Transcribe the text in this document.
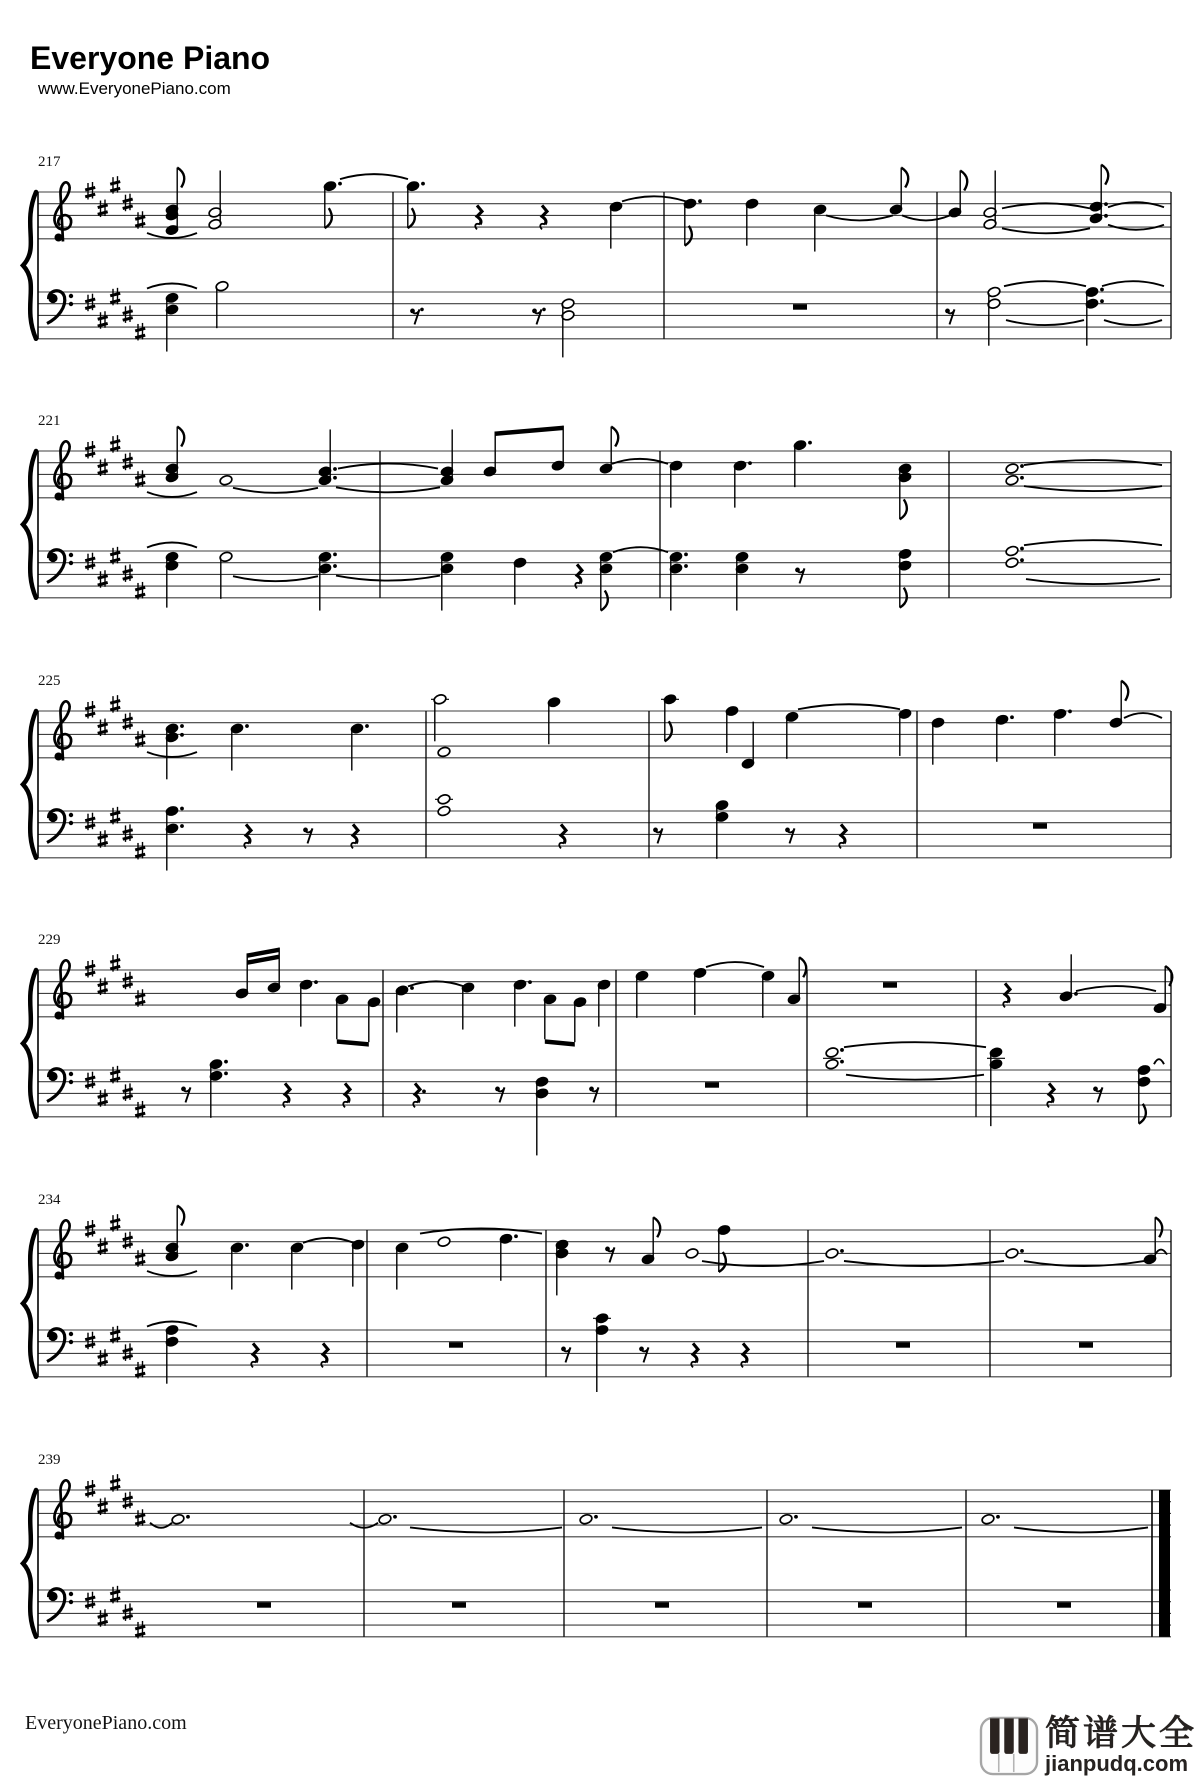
Everyone Piano
www.EveryonePiano.com
217
221
225
229
234
239
EveryonePiano.com	简谱大全
jianpudq.com
